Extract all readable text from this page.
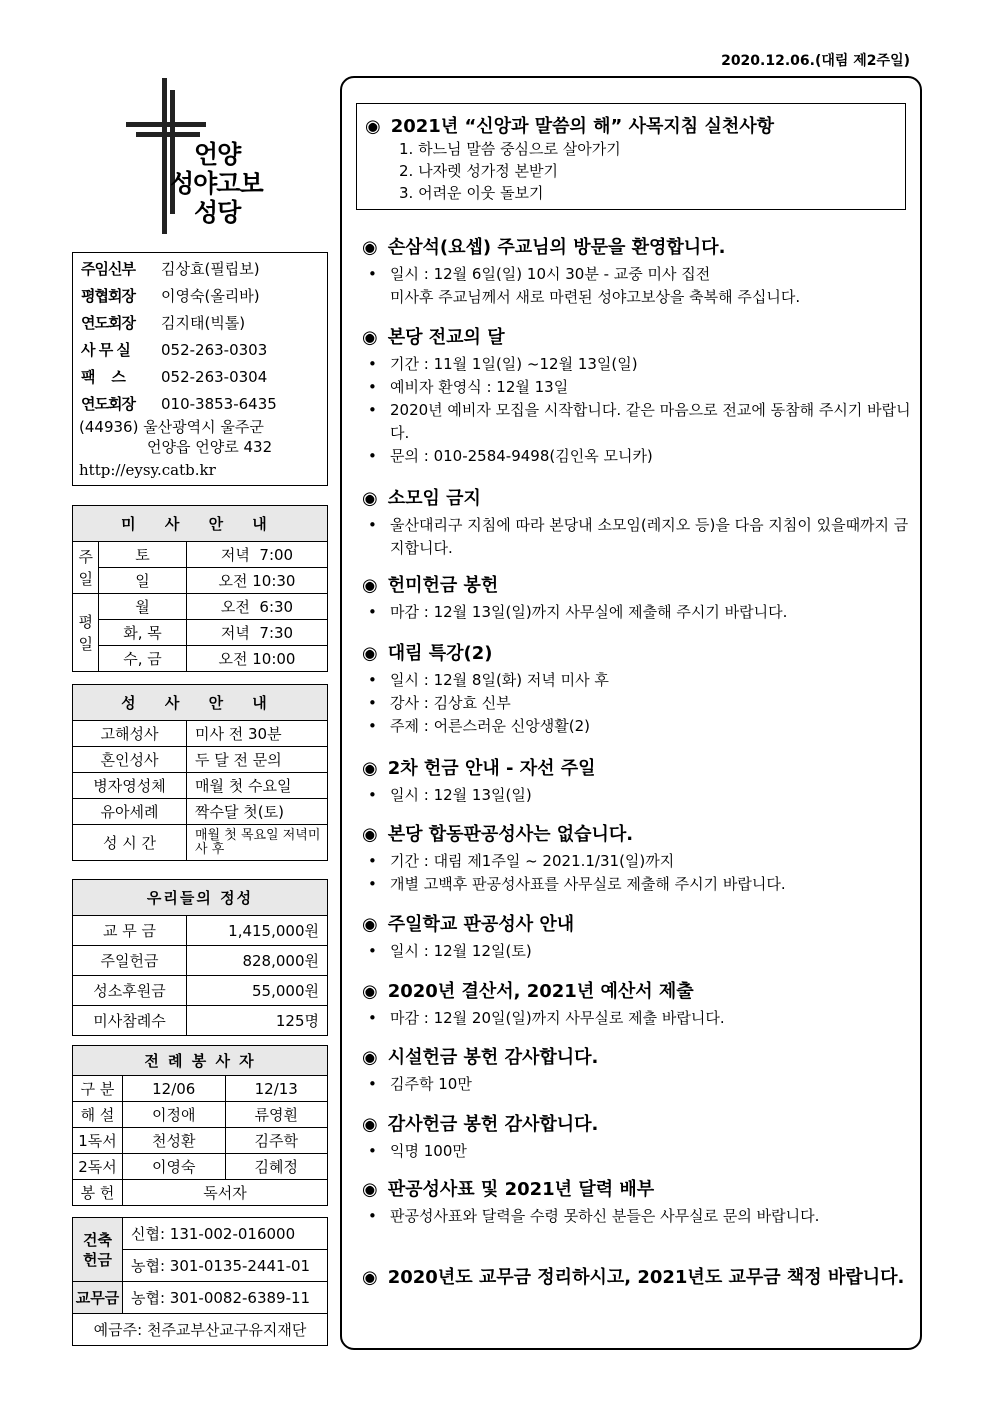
2020.12.06.(대림 제2주일)
언양
성야고보
성당
주임신부	김상효(필립보)
평협회장	이영숙(올리바)
연도회장	김지태(빅톨)
사 무 실	052-263-0303
팩    스	052-263-0304
연도회장	010-3853-6435
(44936) 울산광역시 울주군
언양읍 언양로 432
http://eysy.catb.kr
미 사 안 내		
주일	토	저녁  7:00
	일	오전 10:30
평일	월	오전  6:30
	화, 목	저녁  7:30
	수, 금	오전 10:00
성 사 안 내	
고해성사	미사 전 30분
혼인성사	두 달 전 문의
병자영성체	매월 첫 수요일
유아세례	짝수달 첫(토)
성 시 간	매월 첫 목요일 저녁미사 후
우리들의 정성	
교 무 금	1,415,000원
주일헌금	828,000원
성소후원금	55,000원
미사참례수	125명
전 례 봉 사 자		
구 분	12/06	12/13
해 설	이정애	류영훤
1독서	천성환	김주학
2독서	이영숙	김혜정
봉 헌	독서자	
건축헌금	신협: 131-002-016000
	농협: 301-0135-2441-01
교무금	농협: 301-0082-6389-11
예금주: 천주교부산교구유지재단	
◉ 2021년 “신앙과 말씀의 해” 사목지침 실천사항
1. 하느님 말씀 중심으로 살아가기
2. 나자렛 성가정 본받기
3. 어려운 이웃 돌보기
◉ 손삼석(요셉) 주교님의 방문을 환영합니다.
• 일시 : 12월 6일(일) 10시 30분 - 교중 미사 집전
미사후 주교님께서 새로 마련된 성야고보상을 축복해 주십니다.
◉ 본당 전교의 달
• 기간 : 11월 1일(일) ~12월 13일(일)
• 예비자 환영식 : 12월 13일
• 2020년 예비자 모집을 시작합니다. 같은 마음으로 전교에 동참해 주시기 바랍니다.
• 문의 : 010-2584-9498(김인옥 모니카)
◉ 소모임 금지
• 울산대리구 지침에 따라 본당내 소모임(레지오 등)을 다음 지침이 있을때까지 금지합니다.
◉ 헌미헌금 봉헌
• 마감 : 12월 13일(일)까지 사무실에 제출해 주시기 바랍니다.
◉ 대림 특강(2)
• 일시 : 12월 8일(화) 저녁 미사 후
• 강사 : 김상효 신부
• 주제 : 어른스러운 신앙생활(2)
◉ 2차 헌금 안내 - 자선 주일
• 일시 : 12월 13일(일)
◉ 본당 합동판공성사는 없습니다.
• 기간 : 대림 제1주일 ~ 2021.1/31(일)까지
• 개별 고백후 판공성사표를 사무실로 제출해 주시기 바랍니다.
◉ 주일학교 판공성사 안내
• 일시 : 12월 12일(토)
◉ 2020년 결산서, 2021년 예산서 제출
• 마감 : 12월 20일(일)까지 사무실로 제출 바랍니다.
◉ 시설헌금 봉헌 감사합니다.
• 김주학 10만
◉ 감사헌금 봉헌 감사합니다.
• 익명 100만
◉ 판공성사표 및 2021년 달력 배부
• 판공성사표와 달력을 수령 못하신 분들은 사무실로 문의 바랍니다.
◉ 2020년도 교무금 정리하시고, 2021년도 교무금 책정 바랍니다.
